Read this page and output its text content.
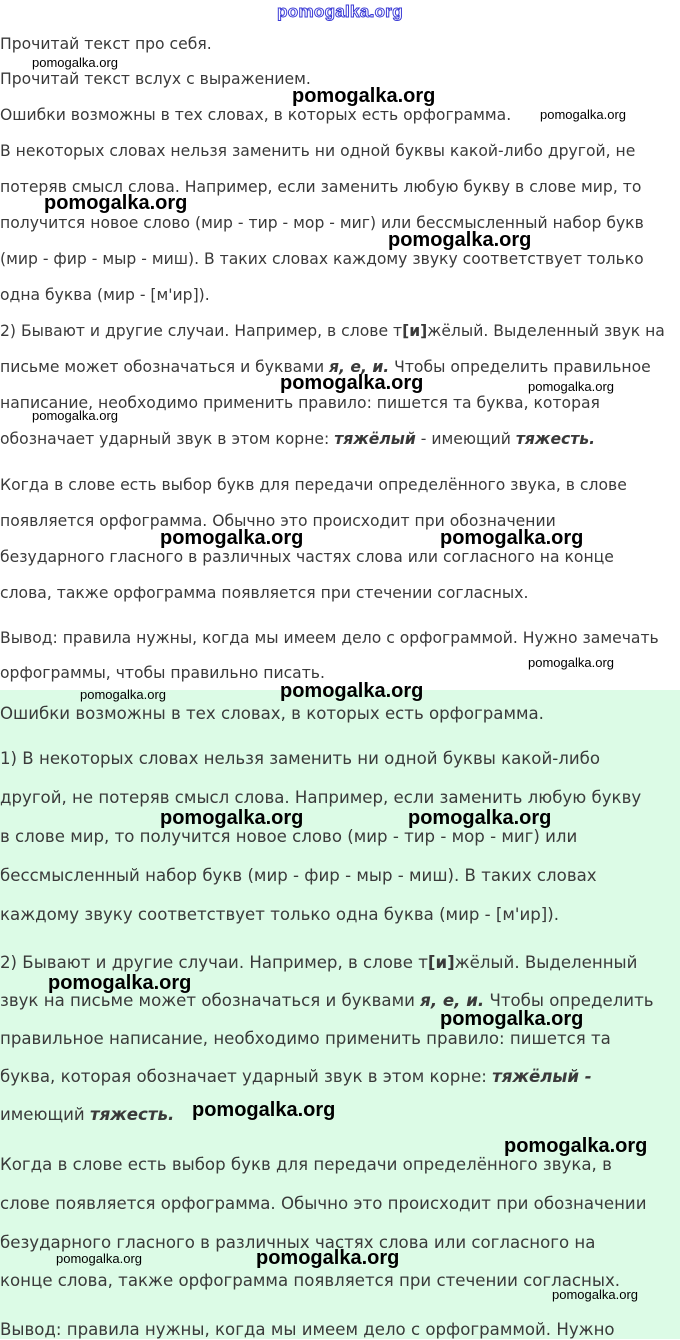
pomogalka.org
Прочитай текст про себя.
Прочитай текст вслух с выражением.
Ошибки возможны в тех словах, в которых есть орфограмма.
В некоторых словах нельзя заменить ни одной буквы какой-либо другой, не
потеряв смысл слова. Например, если заменить любую букву в слове мир, то
получится новое слово (мир - тир - мор - миг) или бессмысленный набор букв
(мир - фир - мыр - миш). В таких словах каждому звуку соответствует только
одна буква (мир - [м'ир]).
2) Бывают и другие случаи. Например, в слове т[и]жёлый. Выделенный звук на
письме может обозначаться и буквами я, е, и. Чтобы определить правильное
написание, необходимо применить правило: пишется та буква, которая
обозначает ударный звук в этом корне: тяжёлый - имеющий тяжесть.
Когда в слове есть выбор букв для передачи определённого звука, в слове
появляется орфограмма. Обычно это происходит при обозначении
безударного гласного в различных частях слова или согласного на конце
слова, также орфограмма появляется при стечении согласных.
Вывод: правила нужны, когда мы имеем дело с орфограммой. Нужно замечать
орфограммы, чтобы правильно писать.
Ошибки возможны в тех словах, в которых есть орфограмма.
1) В некоторых словах нельзя заменить ни одной буквы какой-либо
другой, не потеряв смысл слова. Например, если заменить любую букву
в слове мир, то получится новое слово (мир - тир - мор - миг) или
бессмысленный набор букв (мир - фир - мыр - миш). В таких словах
каждому звуку соответствует только одна буква (мир - [м'ир]).
2) Бывают и другие случаи. Например, в слове т[и]жёлый. Выделенный
звук на письме может обозначаться и буквами я, е, и. Чтобы определить
правильное написание, необходимо применить правило: пишется та
буква, которая обозначает ударный звук в этом корне: тяжёлый -
имеющий тяжесть.
Когда в слове есть выбор букв для передачи определённого звука, в
слове появляется орфограмма. Обычно это происходит при обозначении
безударного гласного в различных частях слова или согласного на
конце слова, также орфограмма появляется при стечении согласных.
Вывод: правила нужны, когда мы имеем дело с орфограммой. Нужно
pomogalka.org
pomogalka.org
pomogalka.org
pomogalka.org
pomogalka.org
pomogalka.org	pomogalka.org
pomogalka.org
pomogalka.org	pomogalka.org
pomogalka.org
pomogalka.org
pomogalka.org
pomogalka.org	pomogalka.org
pomogalka.org
pomogalka.org
pomogalka.org
pomogalka.org
pomogalka.org
pomogalka.org
pomogalka.org
